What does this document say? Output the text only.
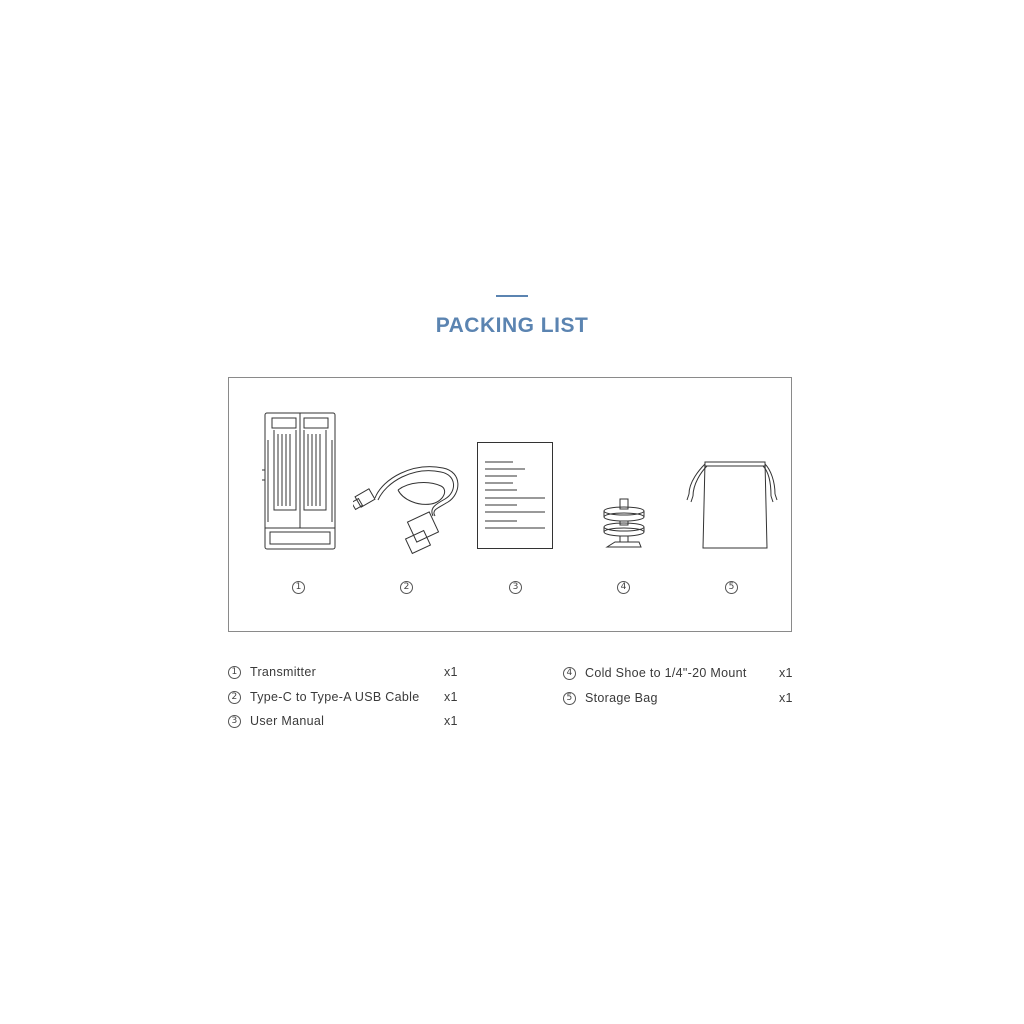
PACKING LIST
1	2	3	4	5
1 Transmitter	x1
2 Type-C to Type-A USB Cable x1
3 User Manual	x1
4 Cold Shoe to 1/4"-20 Mount	x1
5 Storage Bag	x1
